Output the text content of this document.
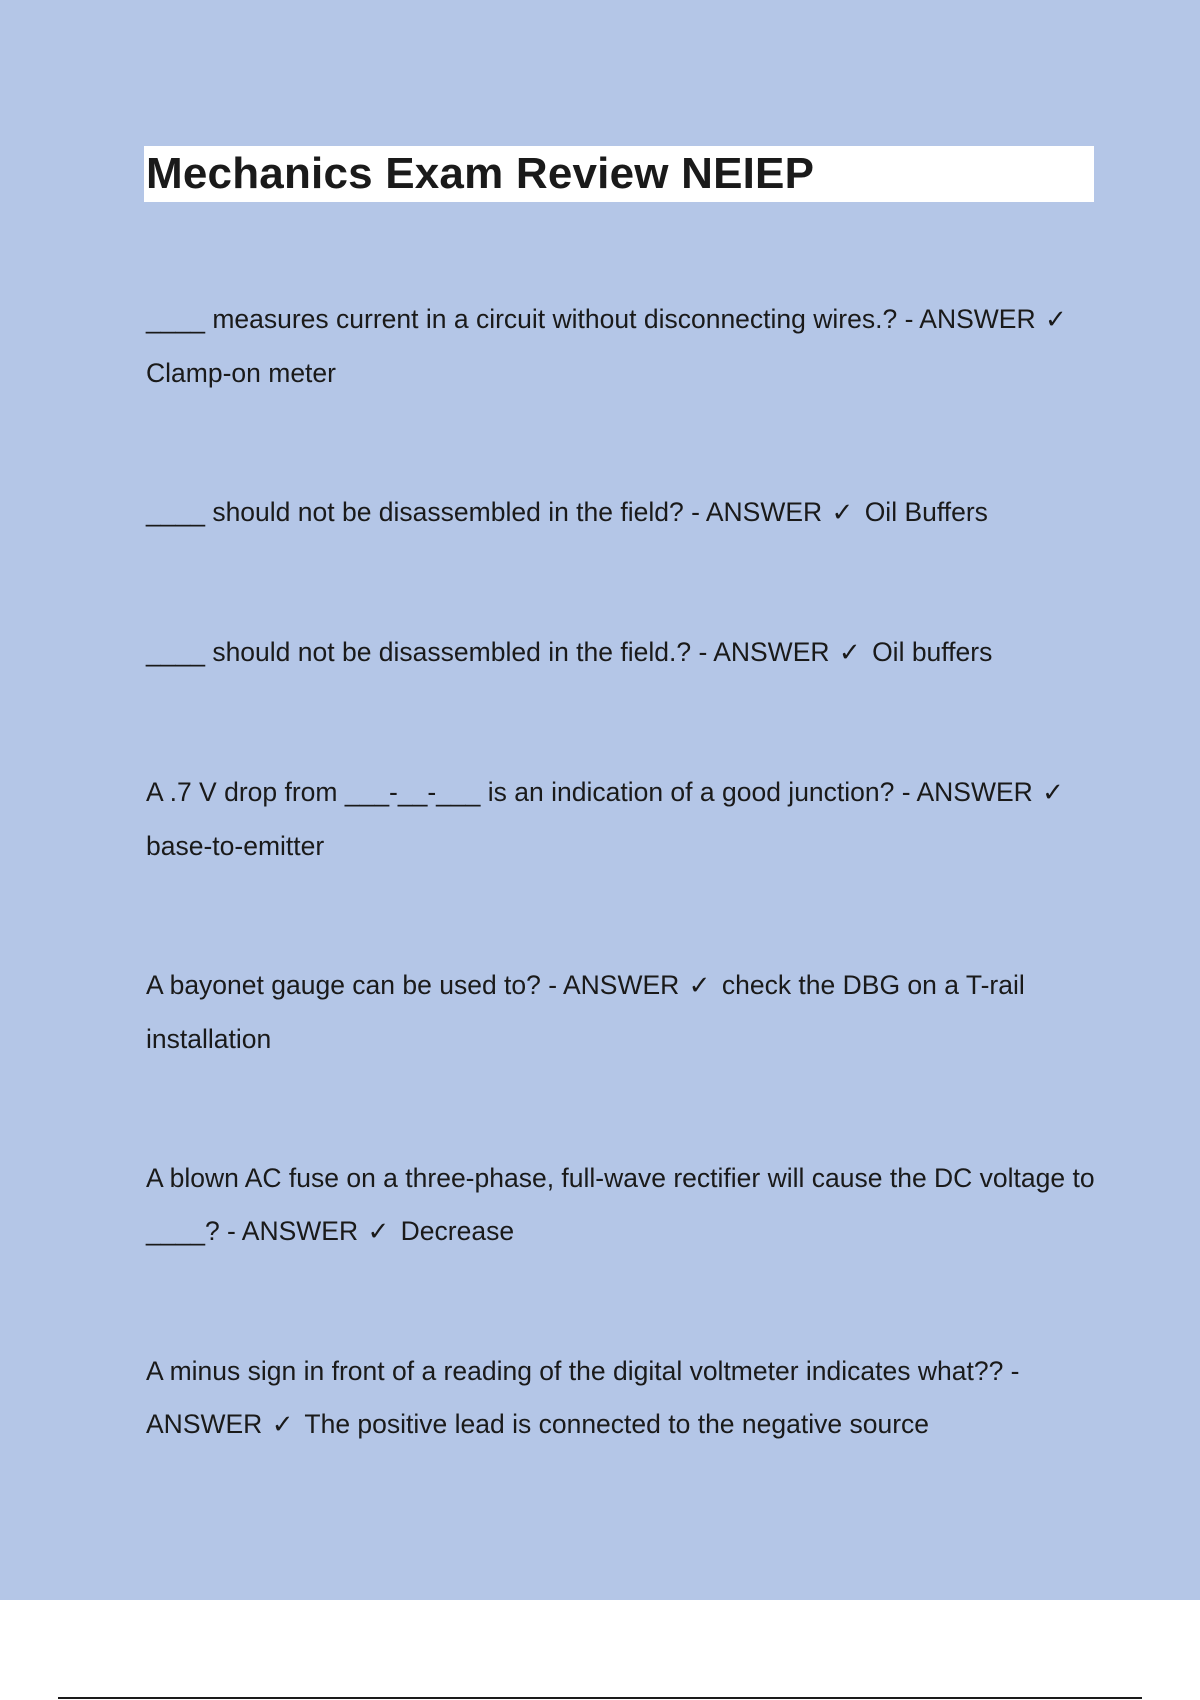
Mechanics Exam Review NEIEP
____ measures current in a circuit without disconnecting wires.? - ANSWER ✓ Clamp-on meter
____ should not be disassembled in the field? - ANSWER ✓ Oil Buffers
____ should not be disassembled in the field.? - ANSWER ✓ Oil buffers
A .7 V drop from ___-__-___ is an indication of a good junction? - ANSWER ✓ base-to-emitter
A bayonet gauge can be used to? - ANSWER ✓ check the DBG on a T-rail installation
A blown AC fuse on a three-phase, full-wave rectifier will cause the DC voltage to ____? - ANSWER ✓ Decrease
A minus sign in front of a reading of the digital voltmeter indicates what?? - ANSWER ✓ The positive lead is connected to the negative source
